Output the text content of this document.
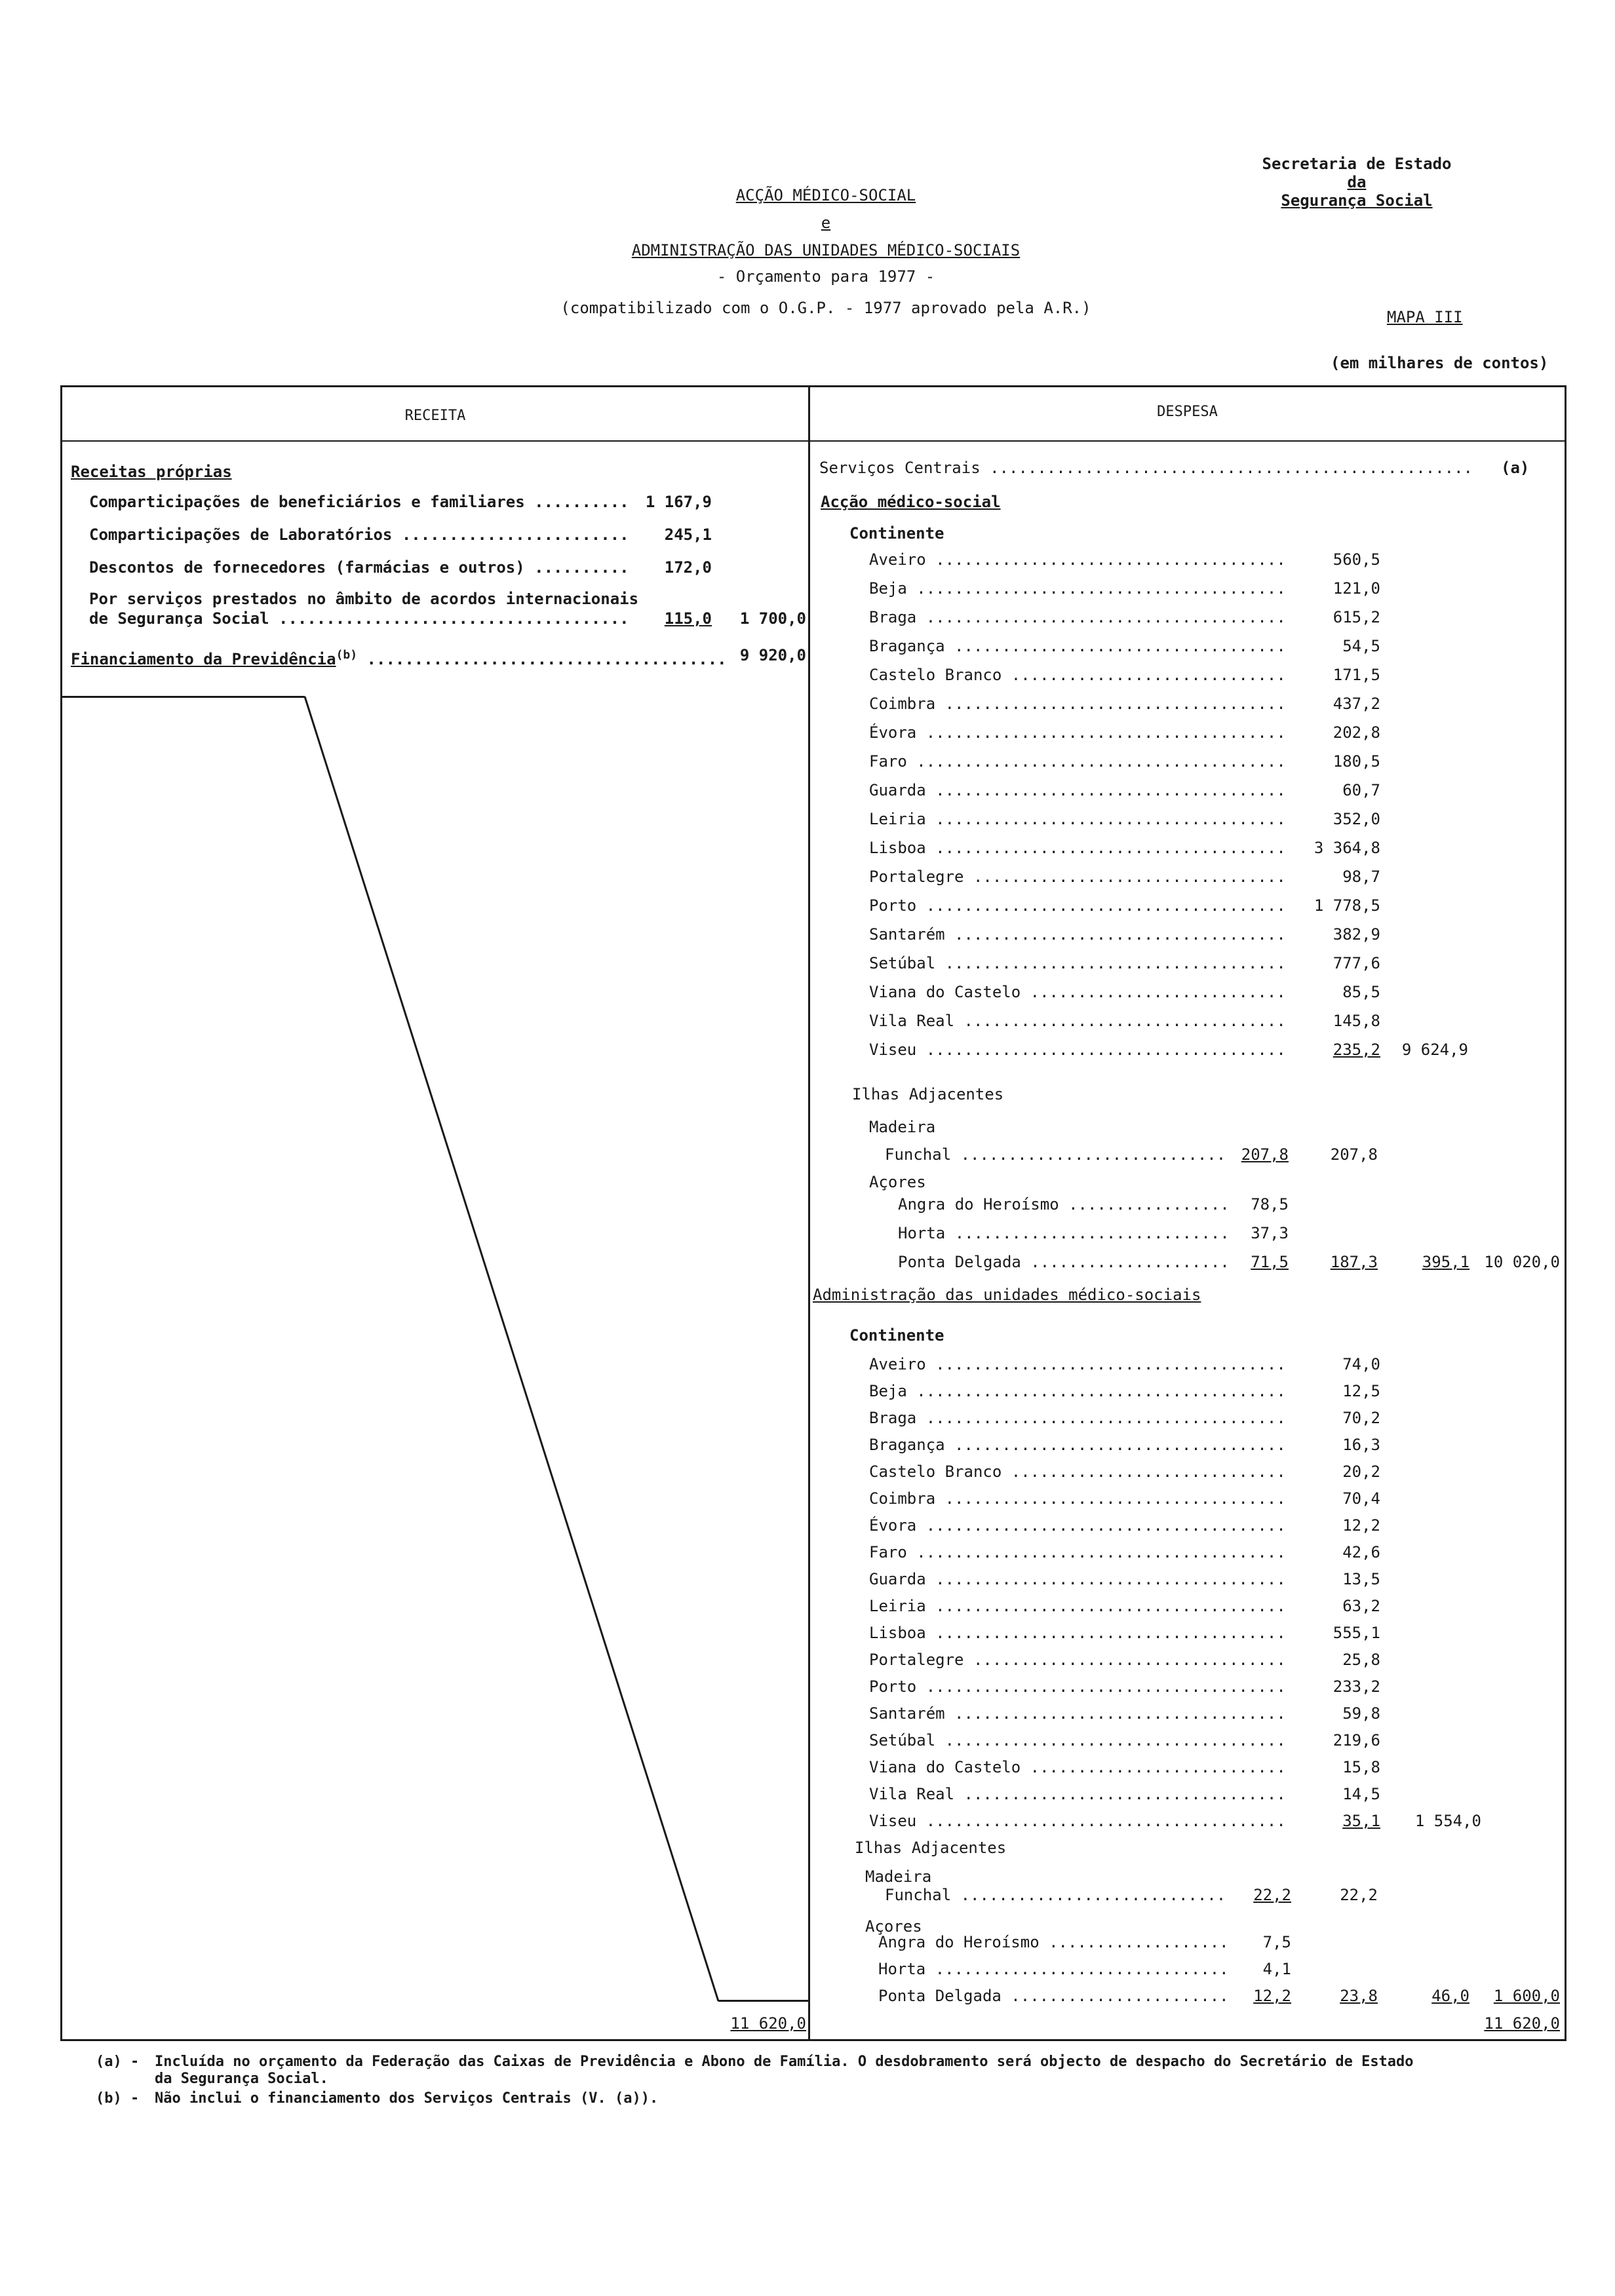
Secretaria de Estado
da
Segurança Social
ACÇÃO MÉDICO-SOCIAL
e
ADMINISTRAÇÃO DAS UNIDADES MÉDICO-SOCIAIS
- Orçamento para 1977 -
(compatibilizado com o O.G.P. - 1977 aprovado pela A.R.)	MAPA III
(em milhares de contos)
RECEITA	DESPESA
Receitas próprias
Comparticipações de beneficiários e familiares .....	1 167,9
Comparticipações de Laboratórios .....	245,1
Descontos de fornecedores (farmácias e outros) .....	172,0
Por serviços prestados no âmbito de acordos internacionais
de Segurança Social .....	115,0	1 700,0
Financiamento da Previdência$^{(b)}$ .....	9 920,0
11 620,0
Serviços Centrais .....	(a)
Acção médico-social
Continente
Aveiro .....	560,5
Beja .....	121,0
Braga .....	615,2
Bragança .....	54,5
Castelo Branco .....	171,5
Coimbra .....	437,2
Évora .....	202,8
Faro .....	180,5
Guarda .....	60,7
Leiria .....	352,0
Lisboa .....	3 364,8
Portalegre .....	98,7
Porto .....	1 778,5
Santarém .....	382,9
Setúbal .....	777,6
Viana do Castelo .....	85,5
Vila Real .....	145,8
Viseu .....	235,2	9 624,9
Ilhas Adjacentes
Madeira
Funchal .....	207,8	207,8
Açores
Angra do Heroísmo .....	78,5
Horta .....	37,3
Ponta Delgada .....	71,5	187,3	395,1 10 020,0
Administração das unidades médico-sociais
Continente
Aveiro .....	74,0
Beja .....	12,5
Braga .....	70,2
Bragança .....	16,3
Castelo Branco .....	20,2
Coimbra .....	70,4
Évora .....	12,2
Faro .....	42,6
Guarda .....	13,5
Leiria .....	63,2
Lisboa .....	555,1
Portalegre .....	25,8
Porto .....	233,2
Santarém .....	59,8
Setúbal .....	219,6
Viana do Castelo .....	15,8
Vila Real .....	14,5
Viseu .....	35,1	1 554,0
Ilhas Adjacentes
Madeira
Funchal .....	22,2	22,2
Açores
Angra do Heroísmo .....	7,5
Horta .....	4,1
Ponta Delgada .....	12,2	23,8	46,0	1 600,0
11 620,0
(a) - Incluída no orçamento da Federação das Caixas de Previdência e Abono de Família. O desdobramento será objecto de despacho do Secretário de Estado
da Segurança Social.
(b) - Não inclui o financiamento dos Serviços Centrais (V. (a)).
